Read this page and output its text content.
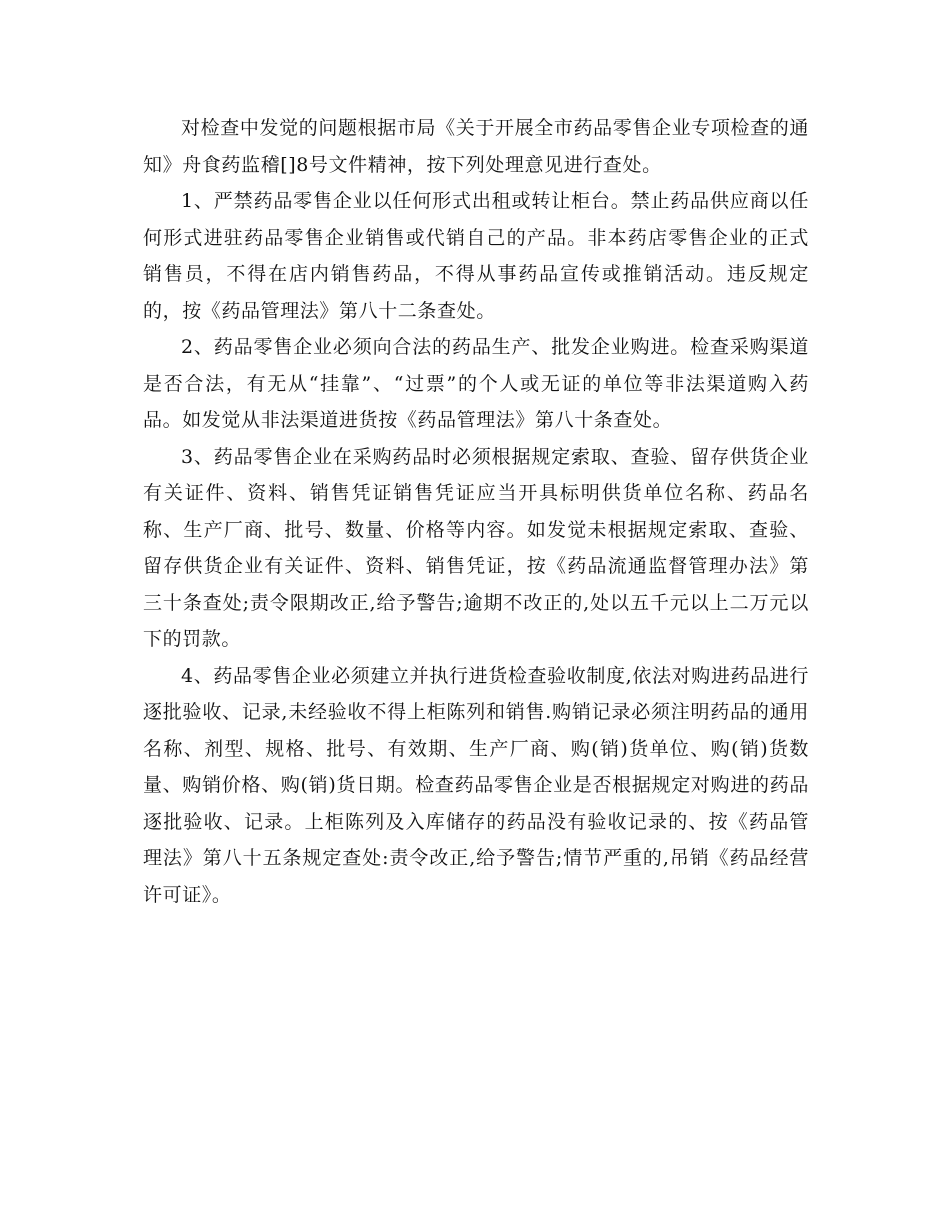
对检查中发觉的问题根据市局《关于开展全市药品零售企业专项检查的通知》舟食药监稽[]8号文件精神，按下列处理意见进行查处。

1、严禁药品零售企业以任何形式出租或转让柜台。禁止药品供应商以任何形式进驻药品零售企业销售或代销自己的产品。非本药店零售企业的正式销售员，不得在店内销售药品，不得从事药品宣传或推销活动。违反规定的，按《药品管理法》第八十二条查处。

2、药品零售企业必须向合法的药品生产、批发企业购进。检查采购渠道是否合法，有无从“挂靠”、“过票”的个人或无证的单位等非法渠道购入药品。如发觉从非法渠道进货按《药品管理法》第八十条查处。

3、药品零售企业在采购药品时必须根据规定索取、查验、留存供货企业有关证件、资料、销售凭证销售凭证应当开具标明供货单位名称、药品名称、生产厂商、批号、数量、价格等内容。如发觉未根据规定索取、查验、留存供货企业有关证件、资料、销售凭证，按《药品流通监督管理办法》第三十条查处;责令限期改正,给予警告;逾期不改正的,处以五千元以上二万元以下的罚款。

4、药品零售企业必须建立并执行进货检查验收制度,依法对购进药品进行逐批验收、记录,未经验收不得上柜陈列和销售.购销记录必须注明药品的通用名称、剂型、规格、批号、有效期、生产厂商、购(销)货单位、购(销)货数量、购销价格、购(销)货日期。检查药品零售企业是否根据规定对购进的药品逐批验收、记录。上柜陈列及入库储存的药品没有验收记录的、按《药品管理法》第八十五条规定查处:责令改正,给予警告;情节严重的,吊销《药品经营许可证》。
